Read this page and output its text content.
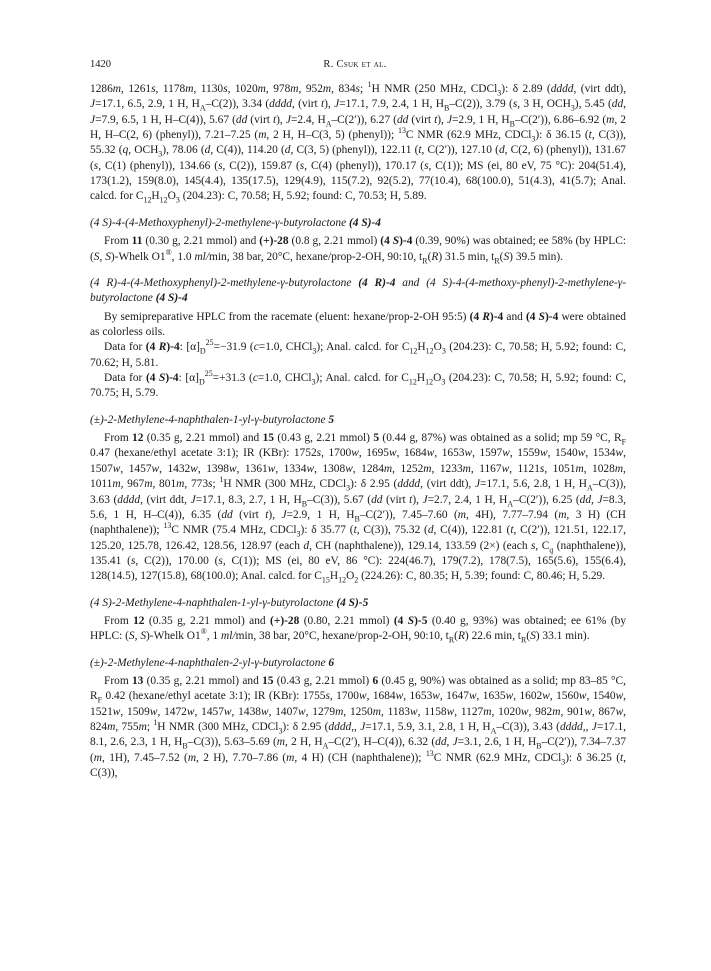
1420	R. Csuk et al.

1286m, 1261s, 1178m, 1130s, 1020m, 978m, 952m, 834s; $^1$H NMR (250 MHz, CDCl$_3$): δ 2.89 (dddd, (virt ddt), J=17.1, 6.5, 2.9, 1 H, $H_A-C(2)$), 3.34 (dddd, (virt t), J=17.1, 7.9, 2.4, 1 H, $H_B-C(2)$), 3.79 (s, 3 H, $OCH_3$), 5.45 (dd, J=7.9, 6.5, 1 H, H–C(4)), 5.67 (dd (virt t), J=2.4, $H_A-C(2')$), 6.27 (dd (virt t), J=2.9, 1 H, $H_B-C(2')$), 6.86–6.92 (m, 2 H, H–C(2, 6) (phenyl)), 7.21–7.25 (m, 2 H, H–C(3, 5) (phenyl)); $^{13}$C NMR (62.9 MHz, CDCl$_3$): δ 36.15 (t, C(3)), 55.32 (q, $OCH_3$), 78.06 (d, C(4)), 114.20 (d, C(3, 5) (phenyl)), 122.11 (t, C(2′)), 127.10 (d, C(2, 6) (phenyl)), 131.67 (s, C(1) (phenyl)), 134.66 (s, C(2)), 159.87 (s, C(4) (phenyl)), 170.17 (s, C(1)); MS (ei, 80 eV, 75 °C): 204(51.4), 173(1.2), 159(8.0), 145(4.4), 135(17.5), 129(4.9), 115(7.2), 92(5.2), 77(10.4), 68(100.0), 51(4.3), 41(5.7); Anal. calcd. for $C_{12}H_{12}O_3$ (204.23): C, 70.58; H, 5.92; found: C, 70.53; H, 5.89.

(4 S)-4-(4-Methoxyphenyl)-2-methylene-γ-butyrolactone (4 S)-4

From 11 (0.30 g, 2.21 mmol) and (+)-28 (0.8 g, 2.21 mmol) (4 S)-4 (0.39, 90%) was obtained; ee 58% (by HPLC: (S, S)-Whelk O1®, 1.0 ml/min, 38 bar, 20°C, hexane/prop-2-OH, 90:10, $t_R(R)$ 31.5 min, $t_R(S)$ 39.5 min).

(4 R)-4-(4-Methoxyphenyl)-2-methylene-γ-butyrolactone (4 R)-4 and (4 S)-4-(4-methoxy-phenyl)-2-methylene-γ-butyrolactone (4 S)-4

By semipreparative HPLC from the racemate (eluent: hexane/prop-2-OH 95:5) (4 R)-4 and (4 S)-4 were obtained as colorless oils.

Data for (4 R)-4: $[\alpha]_D^{25}=-31.9$ (c=1.0, CHCl$_3$); Anal. calcd. for $C_{12}H_{12}O_3$ (204.23): C, 70.58; H, 5.92; found: C, 70.62; H, 5.81.

Data for (4 S)-4: $[\alpha]_D^{25}=+31.3$ (c=1.0, CHCl$_3$); Anal. calcd. for $C_{12}H_{12}O_3$ (204.23): C, 70.58; H, 5.92; found: C, 70.75; H, 5.79.

(±)-2-Methylene-4-naphthalen-1-yl-γ-butyrolactone 5

From 12 (0.35 g, 2.21 mmol) and 15 (0.43 g, 2.21 mmol) 5 (0.44 g, 87%) was obtained as a solid; mp 59 °C, $R_F$ 0.47 (hexane/ethyl acetate 3:1); IR (KBr): 1752s, 1700w, 1695w, 1684w, 1653w, 1597w, 1559w, 1540w, 1534w, 1507w, 1457w, 1432w, 1398w, 1361w, 1334w, 1308w, 1284m, 1252m, 1233m, 1167w, 1121s, 1051m, 1028m, 1011m, 967m, 801m, 773s; $^1$H NMR (300 MHz, CDCl$_3$): δ 2.95 (dddd, (virt ddt), J=17.1, 5.6, 2.8, 1 H, $H_A-C(3)$), 3.63 (dddd, (virt ddt, J=17.1, 8.3, 2.7, 1 H, $H_B-C(3)$), 5.67 (dd (virt t), J=2.7, 2.4, 1 H, $H_A-C(2')$), 6.25 (dd, J=8.3, 5.6, 1 H, H–C(4)), 6.35 (dd (virt t), J=2.9, 1 H, $H_B-C(2')$), 7.45–7.60 (m, 4H), 7.77–7.94 (m, 3 H) (CH (naphthalene)); $^{13}$C NMR (75.4 MHz, CDCl$_3$): δ 35.77 (t, C(3)), 75.32 (d, C(4)), 122.81 (t, C(2′)), 121.51, 122.17, 125.20, 125.78, 126.42, 128.56, 128.97 (each d, CH (naphthalene)), 129.14, 133.59 (2×) (each s, $C_q$ (naphthalene)), 135.41 (s, C(2)), 170.00 (s, C(1)); MS (ei, 80 eV, 86 °C): 224(46.7), 179(7.2), 178(7.5), 165(5.6), 155(6.4), 128(14.5), 127(15.8), 68(100.0); Anal. calcd. for $C_{15}H_{12}O_2$ (224.26): C, 80.35; H, 5.39; found: C, 80.46; H, 5.29.

(4 S)-2-Methylene-4-naphthalen-1-yl-γ-butyrolactone (4 S)-5

From 12 (0.35 g, 2.21 mmol) and (+)-28 (0.80, 2.21 mmol) (4 S)-5 (0.40 g, 93%) was obtained; ee 61% (by HPLC: (S, S)-Whelk O1®, 1 ml/min, 38 bar, 20°C, hexane/prop-2-OH, 90:10, $t_R(R)$ 22.6 min, $t_R(S)$ 33.1 min).

(±)-2-Methylene-4-naphthalen-2-yl-γ-butyrolactone 6

From 13 (0.35 g, 2.21 mmol) and 15 (0.43 g, 2.21 mmol) 6 (0.45 g, 90%) was obtained as a solid; mp 83–85 °C, $R_F$ 0.42 (hexane/ethyl acetate 3:1); IR (KBr): 1755s, 1700w, 1684w, 1653w, 1647w, 1635w, 1602w, 1560w, 1540w, 1521w, 1509w, 1472w, 1457w, 1438w, 1407w, 1279m, 1250m, 1183w, 1158w, 1127m, 1020w, 982m, 901w, 867w, 824m, 755m; $^1$H NMR (300 MHz, CDCl$_3$): δ 2.95 (dddd,, J=17.1, 5.9, 3.1, 2.8, 1 H, $H_A-C(3)$), 3.43 (dddd,, J=17.1, 8.1, 2.6, 2.3, 1 H, $H_B-C(3)$), 5.63–5.69 (m, 2 H, $H_A-C(2')$, H–C(4)), 6.32 (dd, J=3.1, 2.6, 1 H, $H_B-C(2')$), 7.34–7.37 (m, 1H), 7.45–7.52 (m, 2 H), 7.70–7.86 (m, 4 H) (CH (naphthalene)); $^{13}$C NMR (62.9 MHz, CDCl$_3$): δ 36.25 (t, C(3)),
